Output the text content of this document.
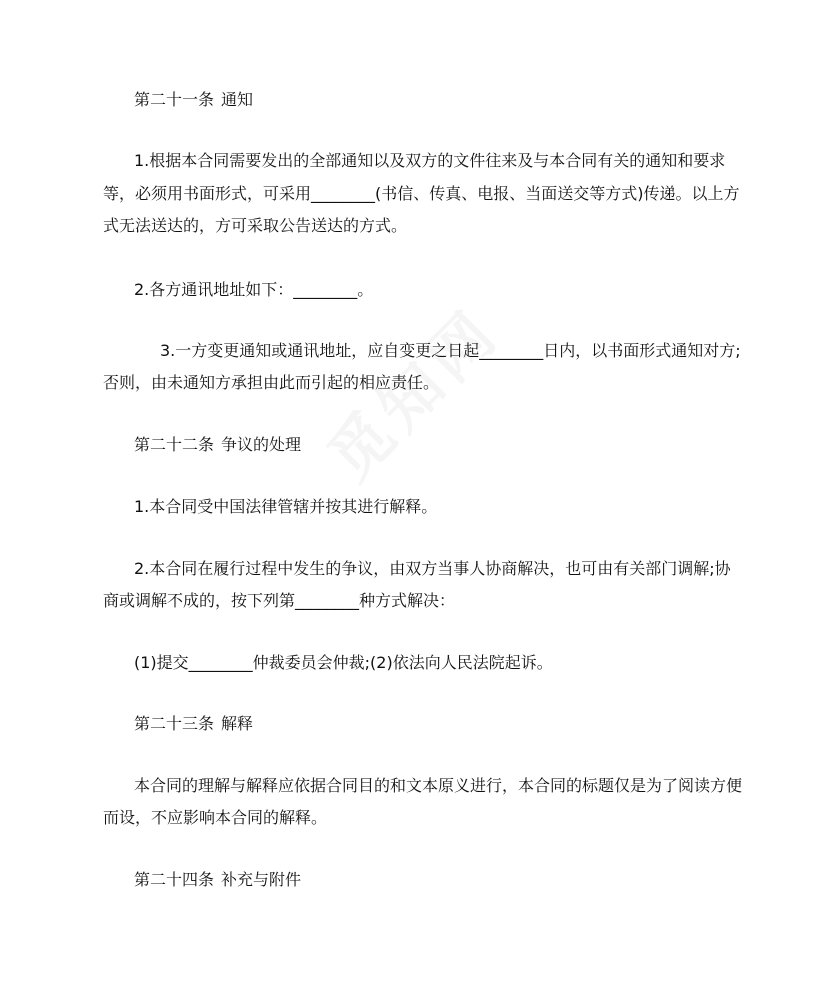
第二十一条 通知

1.根据本合同需要发出的全部通知以及双方的文件往来及与本合同有关的通知和要求

等，必须用书面形式，可采用________(书信、传真、电报、当面送交等方式)传递。以上方

式无法送达的，方可采取公告送达的方式。

2.各方通讯地址如下：________。

3.一方变更通知或通讯地址，应自变更之日起________日内，以书面形式通知对方;

否则，由未通知方承担由此而引起的相应责任。

第二十二条 争议的处理

1.本合同受中国法律管辖并按其进行解释。

2.本合同在履行过程中发生的争议，由双方当事人协商解决，也可由有关部门调解;协

商或调解不成的，按下列第________种方式解决：

(1)提交________仲裁委员会仲裁;(2)依法向人民法院起诉。

第二十三条 解释

本合同的理解与解释应依据合同目的和文本原义进行，本合同的标题仅是为了阅读方便

而设，不应影响本合同的解释。

第二十四条 补充与附件
